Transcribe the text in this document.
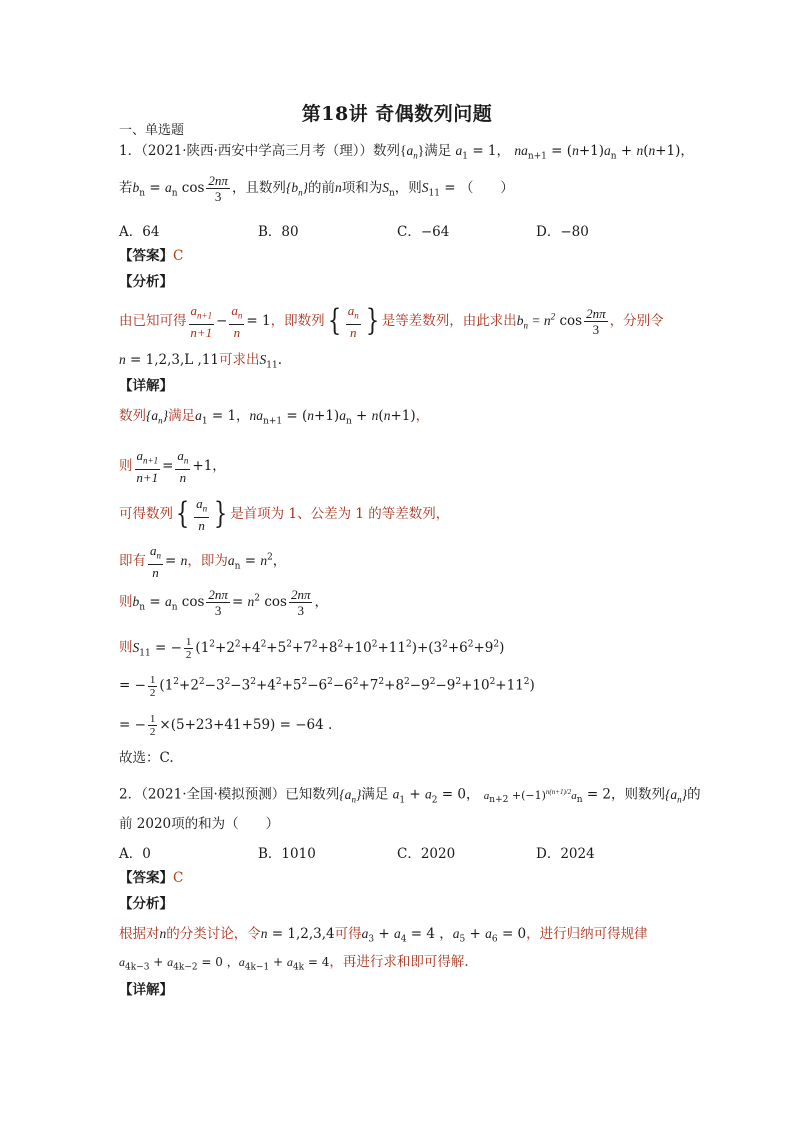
第18讲 奇偶数列问题
一、单选题
1．（2021·陕西·西安中学高三月考（理））数列$\{a_n\}$满足 $a_1 = 1$， $na_{n+1} = (n+1)a_n + n(n+1)$，
若$b_n = a_n$ $\cos \frac{2n\pi}{3}$ ，且数列$\{b_n\}$的前n项和为$S_n$，则$S_{11}$ = （　　）
A．64	B．80	C．−64	D．−80
【答案】C
【分析】
由已知可得 $\frac{a_{n+1}}{n+1} - \frac{a_n}{n} = 1$，即数列{ $\frac{a_n}{n}$ } 是等差数列，由此求出$b_n = n^2$ $\cos \frac{2n\pi}{3}$ ，分别令
n = 1,2,3,L ,11可求出$S_{11}$.
【详解】
数列$\{a_n\}$满足$a_1 = 1$，$na_{n+1} = (n+1)a_n + n(n+1)$，
则 $\frac{a_{n+1}}{n+1} = \frac{a_n}{n} +1$，
可得数列{ $\frac{a_n}{n}$ } 是首项为 1、公差为 1 的等差数列，
即有 $\frac{a_n}{n} = n$，即为$a_n = n^2$，
则$b_n = a_n$ $\cos \frac{2n\pi}{3} = n^2$ $\cos \frac{2n\pi}{3}$ ，
则$S_{11}$ = − $\frac{1}{2} (1^2+2^2+4^2+5^2+7^2+8^2+10^2+11^2)+(3^2+6^2+9^2)$
= − $\frac{1}{2} (1^2+2^2-3^2-3^2+4^2+5^2-6^2-6^2+7^2+8^2-9^2-9^2+10^2+11^2)$
= − $\frac{1}{2} \times(5+23+41+59) = -64$ .
故选：C.
2．（2021·全国·模拟预测）已知数列$\{a_n\}$满足 $a_1 + a_2 = 0$， $a_{n+2} +(-1)^{n(n+1)/2}a_n = 2$，则数列$\{a_n\}$的
前 2020项的和为（　　）
A．0	B．1010	C．2020	D．2024
【答案】C
【分析】
根据对n的分类讨论，令n = 1,2,3,4可得$a_3 + a_4 = 4$ ，$a_5 + a_6 = 0$，进行归纳可得规律
$a_{4k-3} + a_{4k-2} = 0$ ，$a_{4k-1} + a_{4k} = 4$，再进行求和即可得解.
【详解】
